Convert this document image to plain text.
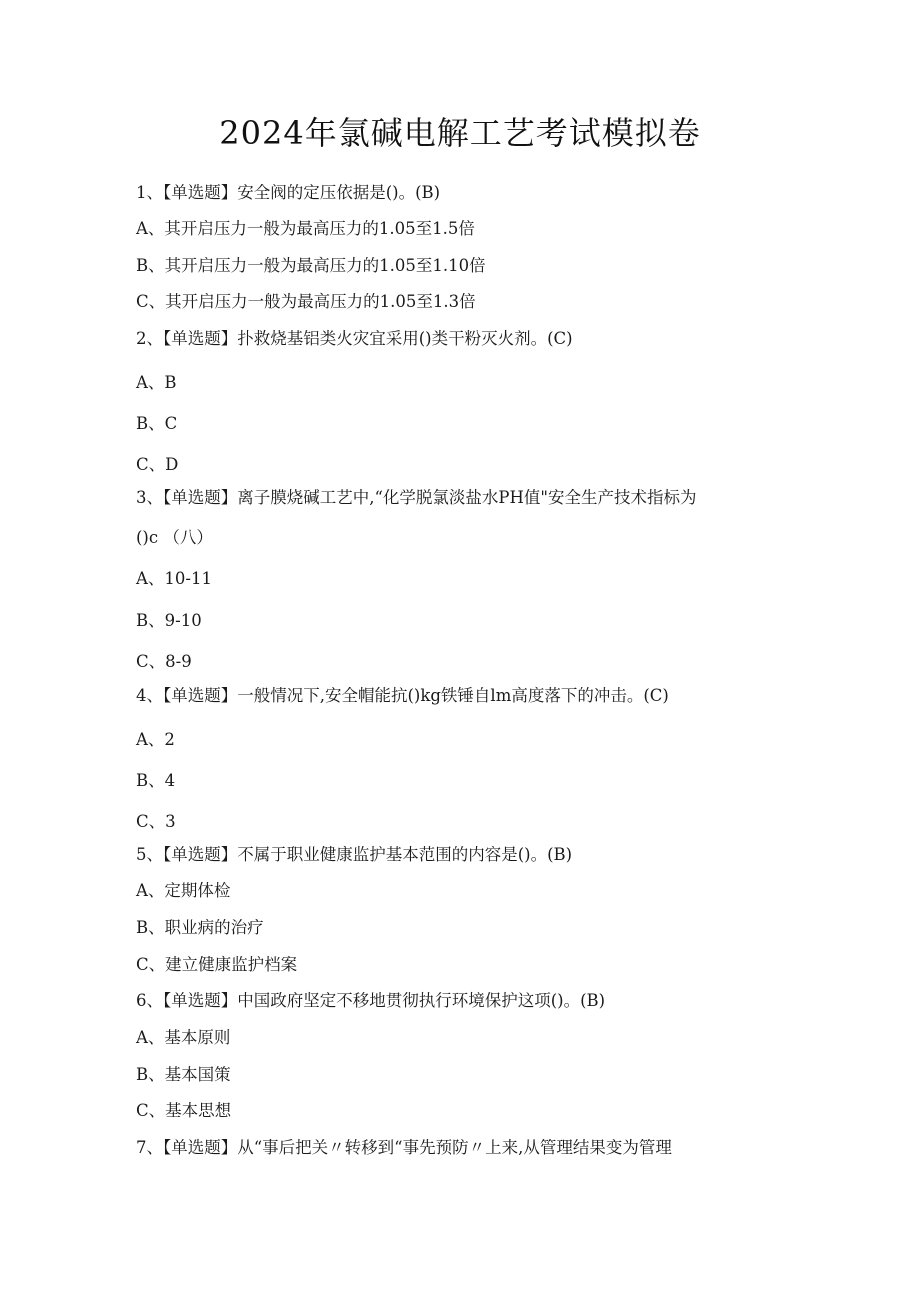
2024年氯碱电解工艺考试模拟卷
1、【单选题】安全阀的定压依据是()。(B)
A、其开启压力一般为最高压力的1.05至1.5倍
B、其开启压力一般为最高压力的1.05至1.10倍
C、其开启压力一般为最高压力的1.05至1.3倍
2、【单选题】扑救烧基铝类火灾宜采用()类干粉灭火剂。(C)
A、B
B、C
C、D
3、【单选题】离子膜烧碱工艺中,“化学脱氯淡盐水PH值"安全生产技术指标为
()c （八）
A、10-11
B、9-10
C、8-9
4、【单选题】一般情况下,安全帽能抗()kg铁锤自lm高度落下的冲击。(C)
A、2
B、4
C、3
5、【单选题】不属于职业健康监护基本范围的内容是()。(B)
A、定期体检
B、职业病的治疗
C、建立健康监护档案
6、【单选题】中国政府坚定不移地贯彻执行环境保护这项()。(B)
A、基本原则
B、基本国策
C、基本思想
7、【单选题】从“事后把关〃转移到“事先预防〃上来,从管理结果变为管理
